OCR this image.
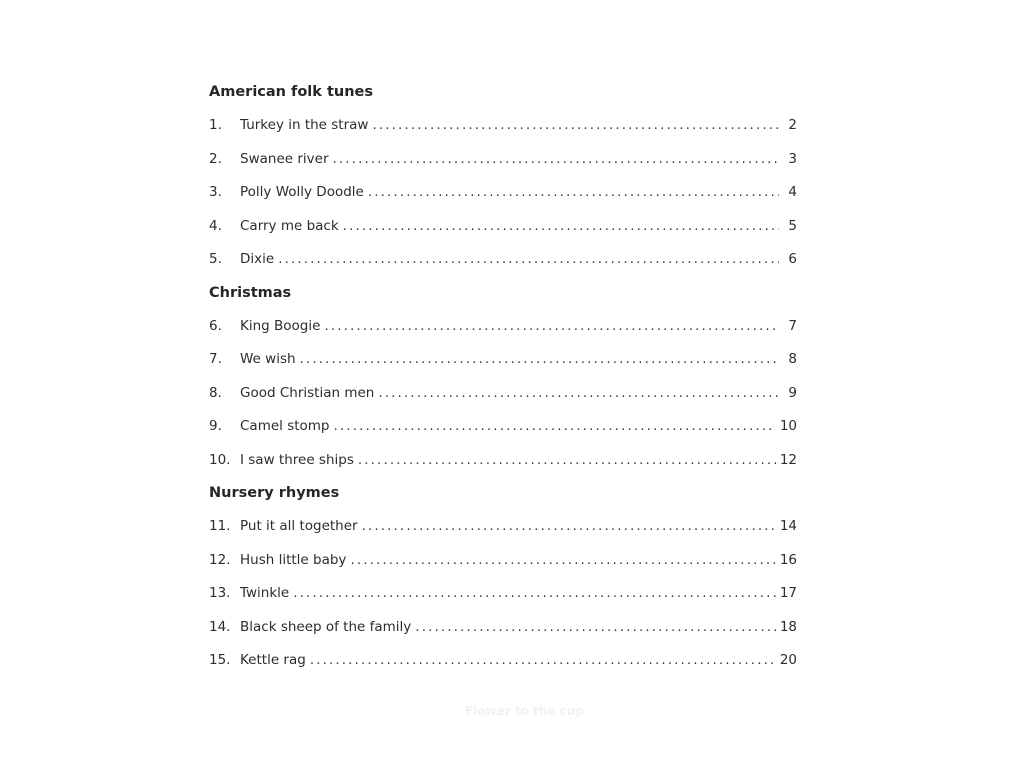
American folk tunes
1.	Turkey in the straw .....	2
2.	Swanee river .....	3
3.	Polly Wolly Doodle .....	4
4.	Carry me back .....	5
5.	Dixie .....	6
Christmas
6.	King Boogie .....	7
7.	We wish .....	8
8.	Good Christian men .....	9
9.	Camel stomp .....	10
10. I saw three ships .....	12
Nursery rhymes
11. Put it all together .....	14
12. Hush little baby .....	16
13. Twinkle .....	17
14. Black sheep of the family .....	18
15. Kettle rag .....	20
Flower to the cup
